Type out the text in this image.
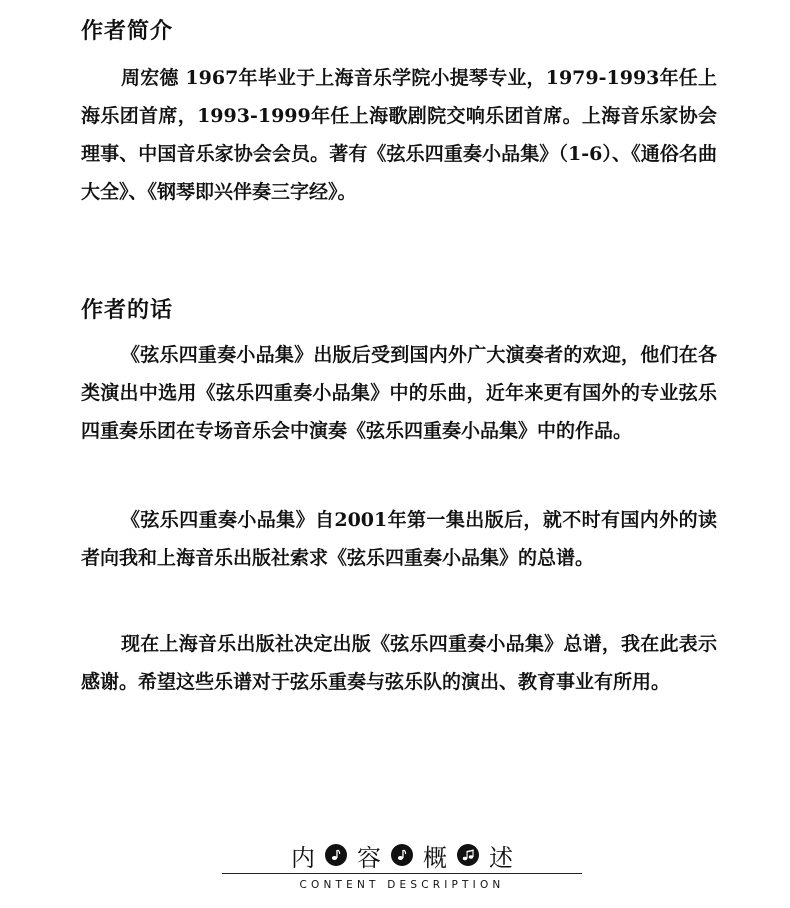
作者简介

周宏德 1967年毕业于上海音乐学院小提琴专业，1979-1993年任上海乐团首席，1993-1999年任上海歌剧院交响乐团首席。上海音乐家协会理事、中国音乐家协会会员。著有《弦乐四重奏小品集》（1-6）、《通俗名曲大全》、《钢琴即兴伴奏三字经》。

作者的话

《弦乐四重奏小品集》出版后受到国内外广大演奏者的欢迎，他们在各类演出中选用《弦乐四重奏小品集》中的乐曲，近年来更有国外的专业弦乐四重奏乐团在专场音乐会中演奏《弦乐四重奏小品集》中的作品。

《弦乐四重奏小品集》自2001年第一集出版后，就不时有国内外的读者向我和上海音乐出版社索求《弦乐四重奏小品集》的总谱。

现在上海音乐出版社决定出版《弦乐四重奏小品集》总谱，我在此表示感谢。希望这些乐谱对于弦乐重奏与弦乐队的演出、教育事业有所用。

内 容 概 述
CONTENT DESCRIPTION
